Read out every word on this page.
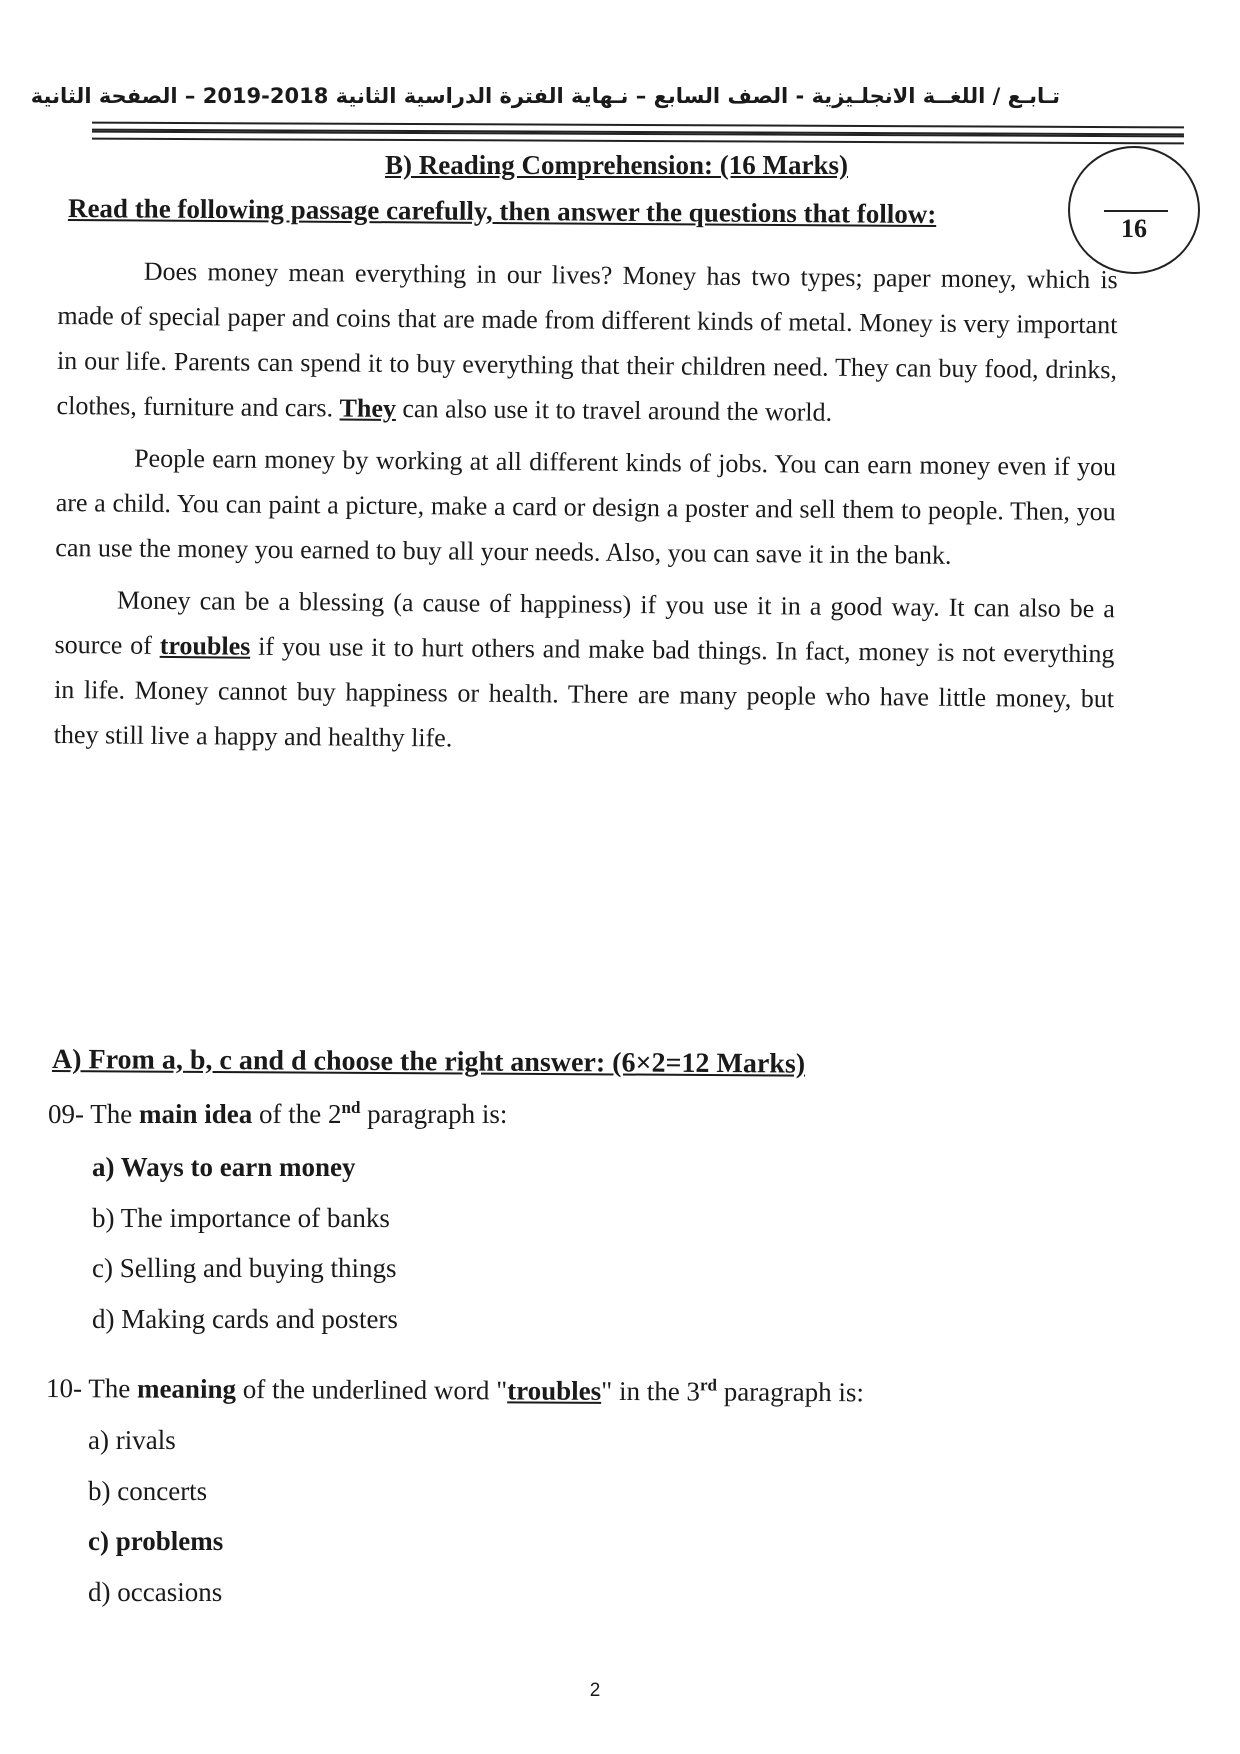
تـابـع / اللغــة الانجلـيزية - الصف السابع – نـهاية الفترة الدراسية الثانية 2018-2019 – الصفحة الثانية
B) Reading Comprehension: (16 Marks)
Read the following passage carefully, then answer the questions that follow:	16

Does money mean everything in our lives? Money has two types; paper money, which is made of special paper and coins that are made from different kinds of metal. Money is very important in our life. Parents can spend it to buy everything that their children need. They can buy food, drinks, clothes, furniture and cars. They can also use it to travel around the world.

People earn money by working at all different kinds of jobs. You can earn money even if you are a child. You can paint a picture, make a card or design a poster and sell them to people. Then, you can use the money you earned to buy all your needs. Also, you can save it in the bank.

Money can be a blessing (a cause of happiness) if you use it in a good way. It can also be a source of troubles if you use it to hurt others and make bad things. In fact, money is not everything in life. Money cannot buy happiness or health. There are many people who have little money, but they still live a happy and healthy life.

A) From a, b, c and d choose the right answer: (6×2=12 Marks)
09- The main idea of the 2nd paragraph is:
a) Ways to earn money
b) The importance of banks
c) Selling and buying things
d) Making cards and posters
10- The meaning of the underlined word "troubles" in the 3rd paragraph is:
a) rivals
b) concerts
c) problems
d) occasions
2
